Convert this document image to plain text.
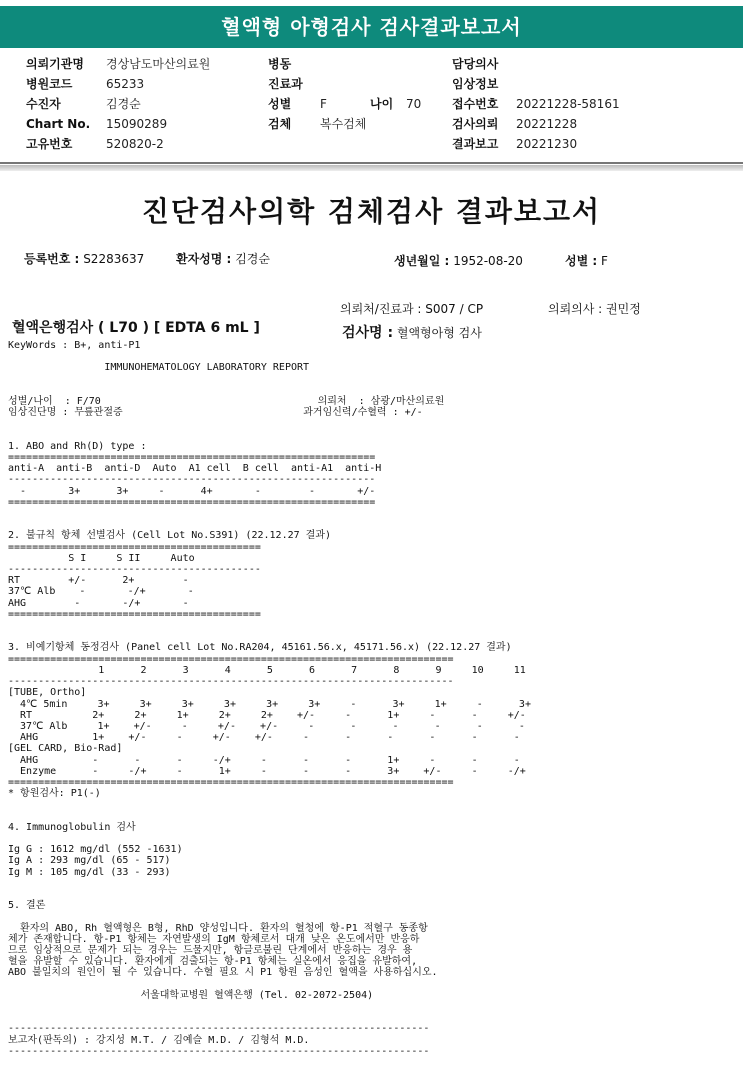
혈액형 아형검사 검사결과보고서
의뢰기관명 경상남도마산의료원	병동	담당의사
병원코드	65233	진료과	임상정보
수진자	김경순	성별 F	나이 70	접수번호 20221228-58161
Chart No. 15090289	검체 복수검체	검사의뢰 20221228
고유번호	520820-2	결과보고 20221230
진단검사의학 검체검사 결과보고서
등록번호 : S2283637	환자성명 : 김경순	생년월일 : 1952-08-20	성별 : F
의뢰처/진료과 : S007 / CP	의뢰의사 : 권민정
혈액은행검사 ( L70 ) [ EDTA 6 mL ]	검사명 : 혈액형아형 검사
KeyWords : B+, anti-P1

IMMUNOHEMATOLOGY LABORATORY REPORT

성별/나이  : F/70                                    의뢰처  : 삼광/마산의료원
임상진단명 : 무릎관절증                              과거임신력/수혈력 : +/-

1. ABO and Rh(D) type :
=============================================================
anti-A  anti-B  anti-D  Auto  A1 cell  B cell  anti-A1  anti-H
-------------------------------------------------------------
-       3+      3+     -      4+       -        -       +/-
=============================================================

2. 불규칙 항체 선별검사 (Cell Lot No.S391) (22.12.27 결과)
==========================================
S I     S II     Auto
------------------------------------------
RT        +/-      2+        -
37℃ Alb    -       -/+       -
AHG        -       -/+       -
==========================================

3. 비예기항체 동정검사 (Panel cell Lot No.RA204, 45161.56.x, 45171.56.x) (22.12.27 결과)
==========================================================================
1      2      3      4      5      6      7      8      9     10     11
--------------------------------------------------------------------------
[TUBE, Ortho]
4℃ 5min     3+     3+     3+     3+     3+     3+     -      3+     1+     -      3+
RT          2+     2+     1+     2+     2+    +/-     -      1+     -      -     +/-
37℃ Alb     1+    +/-     -     +/-    +/-     -      -      -      -      -      -
AHG         1+    +/-     -     +/-    +/-     -      -      -      -      -      -
[GEL CARD, Bio-Rad]
AHG         -      -      -     -/+     -      -      -      1+     -      -      -
Enzyme      -     -/+     -      1+     -      -      -      3+    +/-     -     -/+
==========================================================================
* 항원검사: P1(-)

4. Immunoglobulin 검사

Ig G : 1612 mg/dl (552 -1631)
Ig A : 293 mg/dl (65 - 517)
Ig M : 105 mg/dl (33 - 293)

5. 결론

환자의 ABO, Rh 혈액형은 B형, RhD 양성입니다. 환자의 혈청에 항-P1 적혈구 동종항
체가 존재합니다. 항-P1 항체는 자연발생의 IgM 항체로서 대개 낮은 온도에서만 반응하
므로 임상적으로 문제가 되는 경우는 드물지만, 항글로불린 단계에서 반응하는 경우 용
혈을 유발할 수 있습니다. 환자에게 검출되는 항-P1 항체는 실온에서 응집을 유발하여,
ABO 불일치의 원인이 될 수 있습니다. 수혈 필요 시 P1 항원 음성인 혈액을 사용하십시오.

서울대학교병원 혈액은행 (Tel. 02-2072-2504)

----------------------------------------------------------------------
보고자(판독의) : 강지성 M.T. / 김예슬 M.D. / 김형석 M.D.
----------------------------------------------------------------------
